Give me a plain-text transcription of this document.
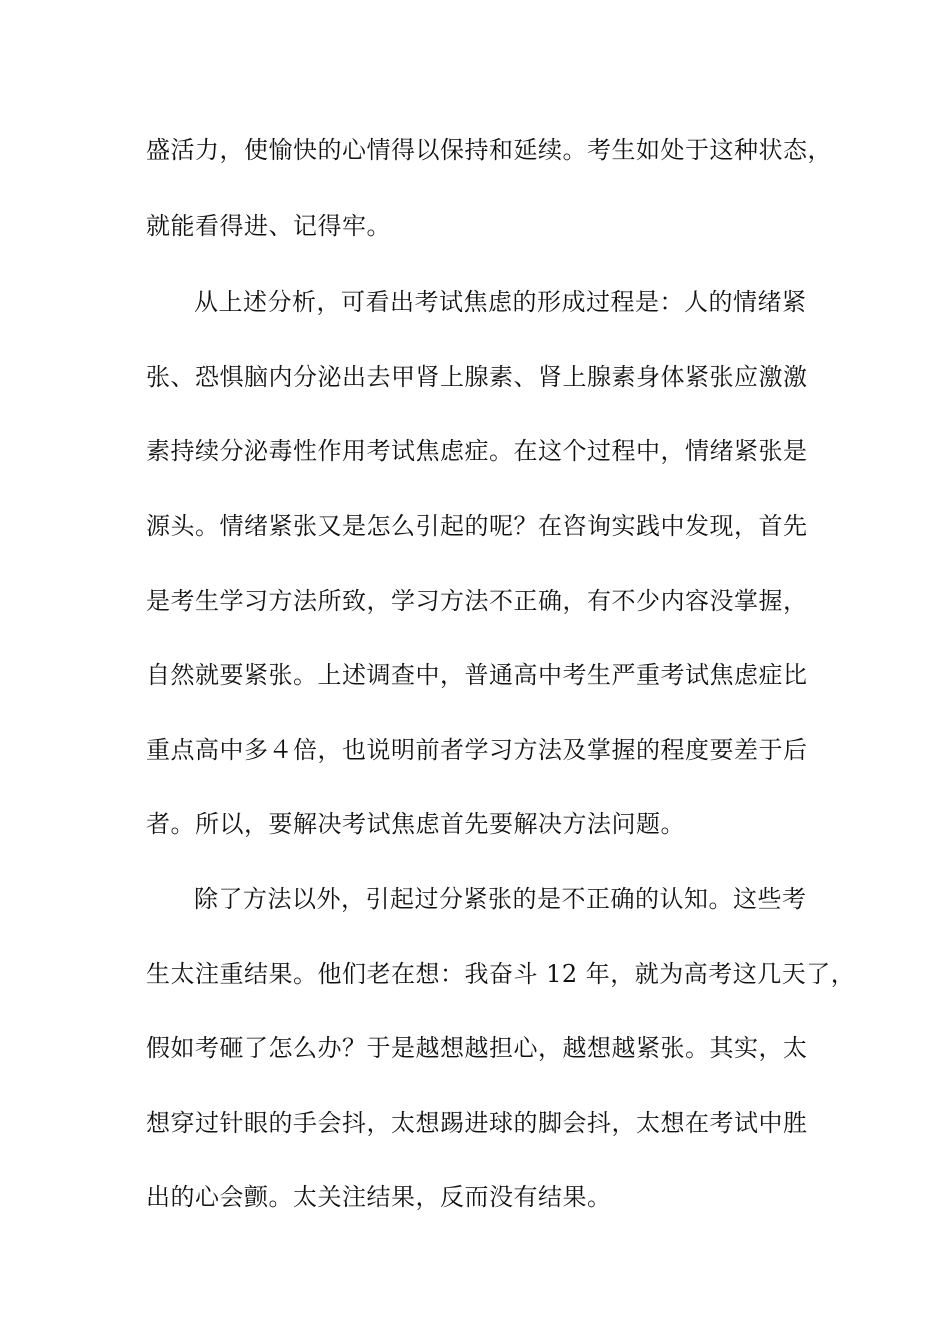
盛活力，使愉快的心情得以保持和延续。考生如处于这种状态，
就能看得进、记得牢。
从上述分析，可看出考试焦虑的形成过程是：人的情绪紧
张、恐惧脑内分泌出去甲肾上腺素、肾上腺素身体紧张应激激
素持续分泌毒性作用考试焦虑症。在这个过程中，情绪紧张是
源头。情绪紧张又是怎么引起的呢？在咨询实践中发现，首先
是考生学习方法所致，学习方法不正确，有不少内容没掌握，
自然就要紧张。上述调查中，普通高中考生严重考试焦虑症比
重点高中多４倍，也说明前者学习方法及掌握的程度要差于后
者。所以，要解决考试焦虑首先要解决方法问题。
除了方法以外，引起过分紧张的是不正确的认知。这些考
生太注重结果。他们老在想：我奋斗 12 年，就为高考这几天了，
假如考砸了怎么办？于是越想越担心，越想越紧张。其实，太
想穿过针眼的手会抖，太想踢进球的脚会抖，太想在考试中胜
出的心会颤。太关注结果，反而没有结果。
